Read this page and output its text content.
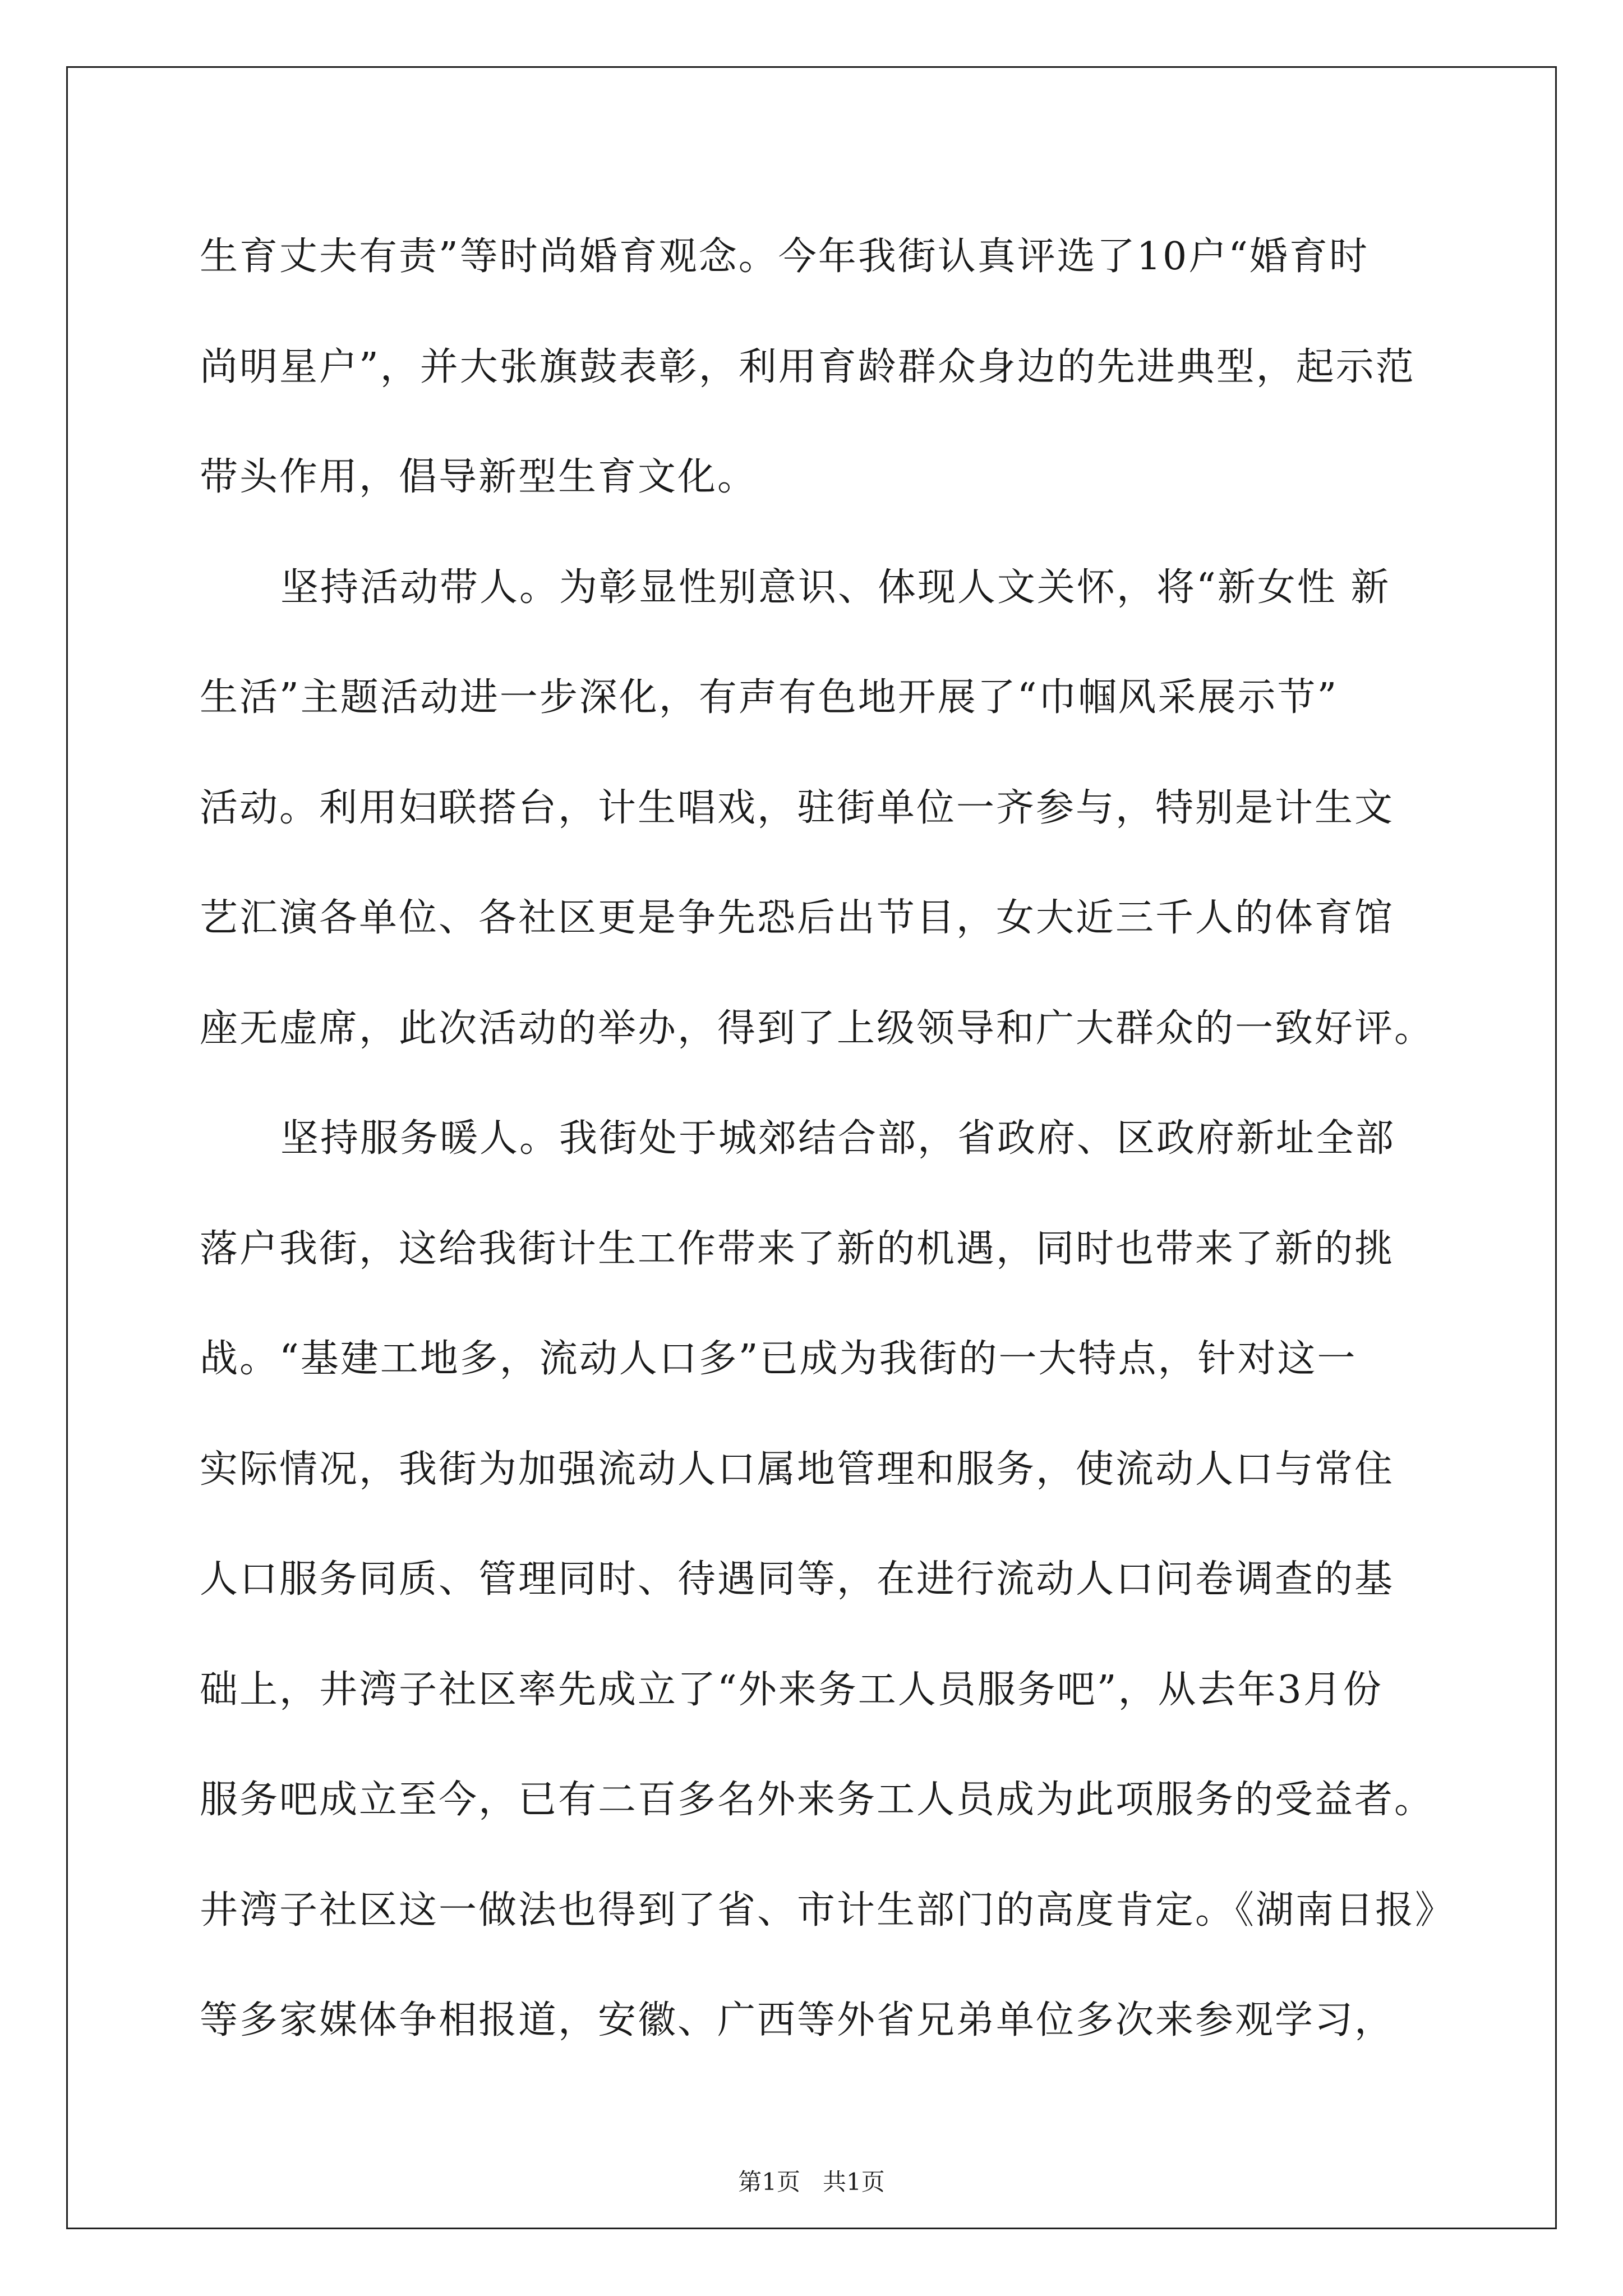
生育丈夫有责”等时尚婚育观念。今年我街认真评选了10户“婚育时
尚明星户”，并大张旗鼓表彰，利用育龄群众身边的先进典型，起示范
带头作用，倡导新型生育文化。
坚持活动带人。为彰显性别意识、体现人文关怀，将“新女性 新
生活”主题活动进一步深化，有声有色地开展了“巾帼风采展示节”
活动。利用妇联搭台，计生唱戏，驻街单位一齐参与，特别是计生文
艺汇演各单位、各社区更是争先恐后出节目，女大近三千人的体育馆
座无虚席，此次活动的举办，得到了上级领导和广大群众的一致好评。
坚持服务暖人。我街处于城郊结合部，省政府、区政府新址全部
落户我街，这给我街计生工作带来了新的机遇，同时也带来了新的挑
战。“基建工地多，流动人口多”已成为我街的一大特点，针对这一
实际情况，我街为加强流动人口属地管理和服务，使流动人口与常住
人口服务同质、管理同时、待遇同等，在进行流动人口问卷调查的基
础上，井湾子社区率先成立了“外来务工人员服务吧”，从去年3月份
服务吧成立至今，已有二百多名外来务工人员成为此项服务的受益者。
井湾子社区这一做法也得到了省、市计生部门的高度肯定。《湖南日报》
等多家媒体争相报道，安徽、广西等外省兄弟单位多次来参观学习，
第1页   共1页
